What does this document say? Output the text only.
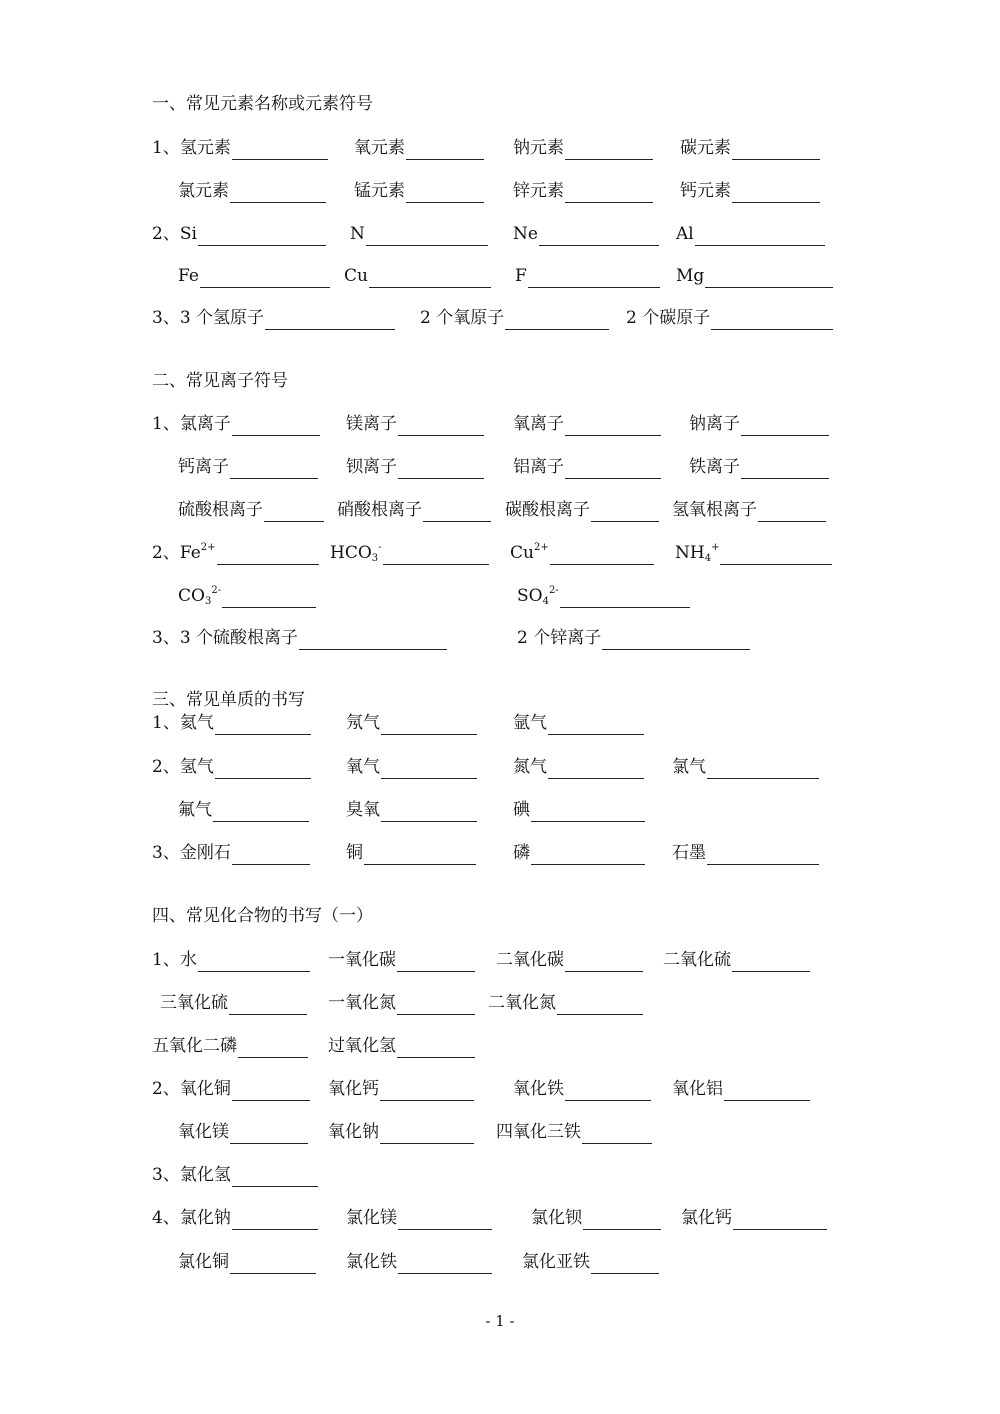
一、常见元素名称或元素符号
1、 氢元素	氧元素	钠元素	碳元素
氯元素	锰元素	锌元素	钙元素
2、 Si	N	Ne	Al
Fe	Cu	F	Mg
3、 3 个氢原子	2 个氧原子	2 个碳原子
二、常见离子符号
1、 氯离子	镁离子	氧离子	钠离子
钙离子	钡离子	铝离子	铁离子
硫酸根离子	硝酸根离子	碳酸根离子	氢氧根离子
2、 $Fe^{2+}$	$HCO_3^-$	$Cu^{2+}$	$NH_4^+$
$CO_3^{2-}$	$SO_4^{2-}$
3、 3 个硫酸根离子	2 个锌离子
三、常见单质的书写
1、 氦气	氖气	氩气
2、 氢气	氧气	氮气	氯气
氟气	臭氧	碘
3、 金刚石	铜	磷	石墨
四、常见化合物的书写（一）
1、 水	一氧化碳	二氧化碳	二氧化硫
三氧化硫	一氧化氮	二氧化氮
五氧化二磷	过氧化氢
2、 氧化铜	氧化钙	氧化铁	氧化铝
氧化镁	氧化钠	四氧化三铁
3、 氯化氢
4、 氯化钠	氯化镁	氯化钡	氯化钙
氯化铜	氯化铁	氯化亚铁
- 1 -
